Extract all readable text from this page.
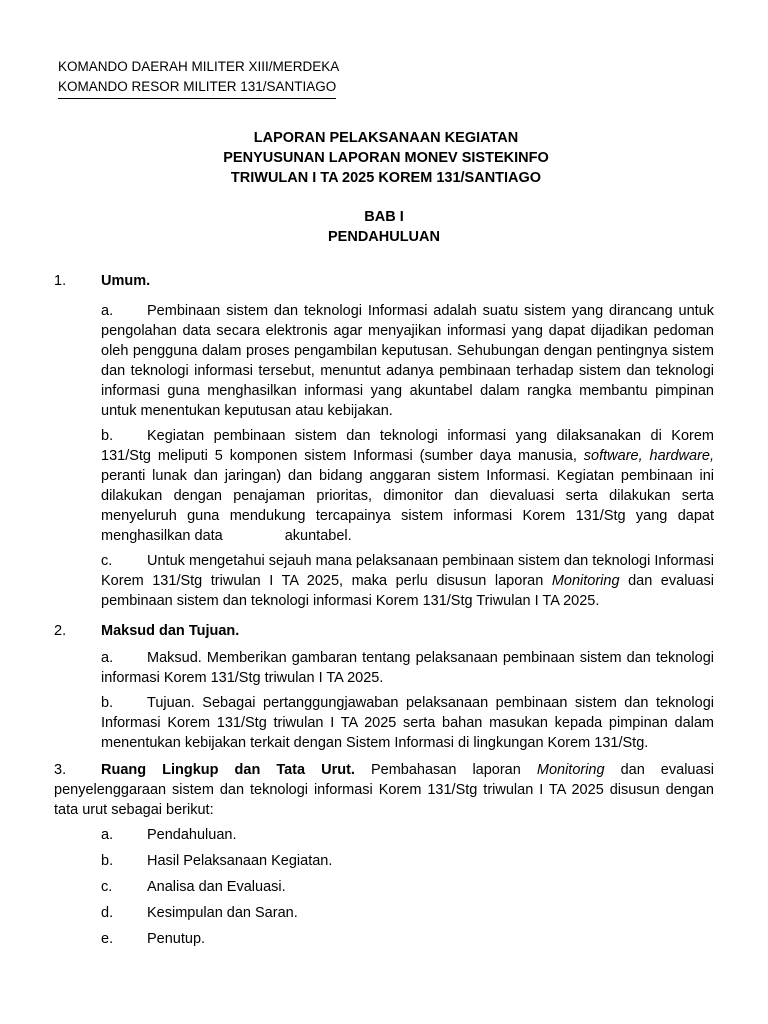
KOMANDO DAERAH MILITER XIII/MERDEKA
KOMANDO RESOR MILITER 131/SANTIAGO
LAPORAN PELAKSANAAN KEGIATAN
PENYUSUNAN LAPORAN MONEV SISTEKINFO
TRIWULAN I TA 2025 KOREM 131/SANTIAGO
BAB I
PENDAHULUAN
1. Umum.
a. Pembinaan sistem dan teknologi Informasi adalah suatu sistem yang dirancang untuk pengolahan data secara elektronis agar menyajikan informasi yang dapat dijadikan pedoman oleh pengguna dalam proses pengambilan keputusan. Sehubungan dengan pentingnya sistem dan teknologi informasi tersebut, menuntut adanya pembinaan terhadap sistem dan teknologi informasi guna menghasilkan informasi yang akuntabel dalam rangka membantu pimpinan untuk menentukan keputusan atau kebijakan.
b. Kegiatan pembinaan sistem dan teknologi informasi yang dilaksanakan di Korem 131/Stg meliputi 5 komponen sistem Informasi (sumber daya manusia, software, hardware, peranti lunak dan jaringan) dan bidang anggaran sistem Informasi. Kegiatan pembinaan ini dilakukan dengan penajaman prioritas, dimonitor dan dievaluasi serta dilakukan serta menyeluruh guna mendukung tercapainya sistem informasi Korem 131/Stg yang dapat menghasilkan data	akuntabel.
c. Untuk mengetahui sejauh mana pelaksanaan pembinaan sistem dan teknologi Informasi Korem 131/Stg triwulan I TA 2025, maka perlu disusun laporan Monitoring dan evaluasi pembinaan sistem dan teknologi informasi Korem 131/Stg Triwulan I TA 2025.
2. Maksud dan Tujuan.
a. Maksud. Memberikan gambaran tentang pelaksanaan pembinaan sistem dan teknologi informasi Korem 131/Stg triwulan I TA 2025.
b. Tujuan. Sebagai pertanggungjawaban pelaksanaan pembinaan sistem dan teknologi Informasi Korem 131/Stg triwulan I TA 2025 serta bahan masukan kepada pimpinan dalam menentukan kebijakan terkait dengan Sistem Informasi di lingkungan Korem 131/Stg.
3. Ruang Lingkup dan Tata Urut. Pembahasan laporan Monitoring dan evaluasi penyelenggaraan sistem dan teknologi informasi Korem 131/Stg triwulan I TA 2025 disusun dengan tata urut sebagai berikut:
a. Pendahuluan.
b. Hasil Pelaksanaan Kegiatan.
c. Analisa dan Evaluasi.
d. Kesimpulan dan Saran.
e. Penutup.
